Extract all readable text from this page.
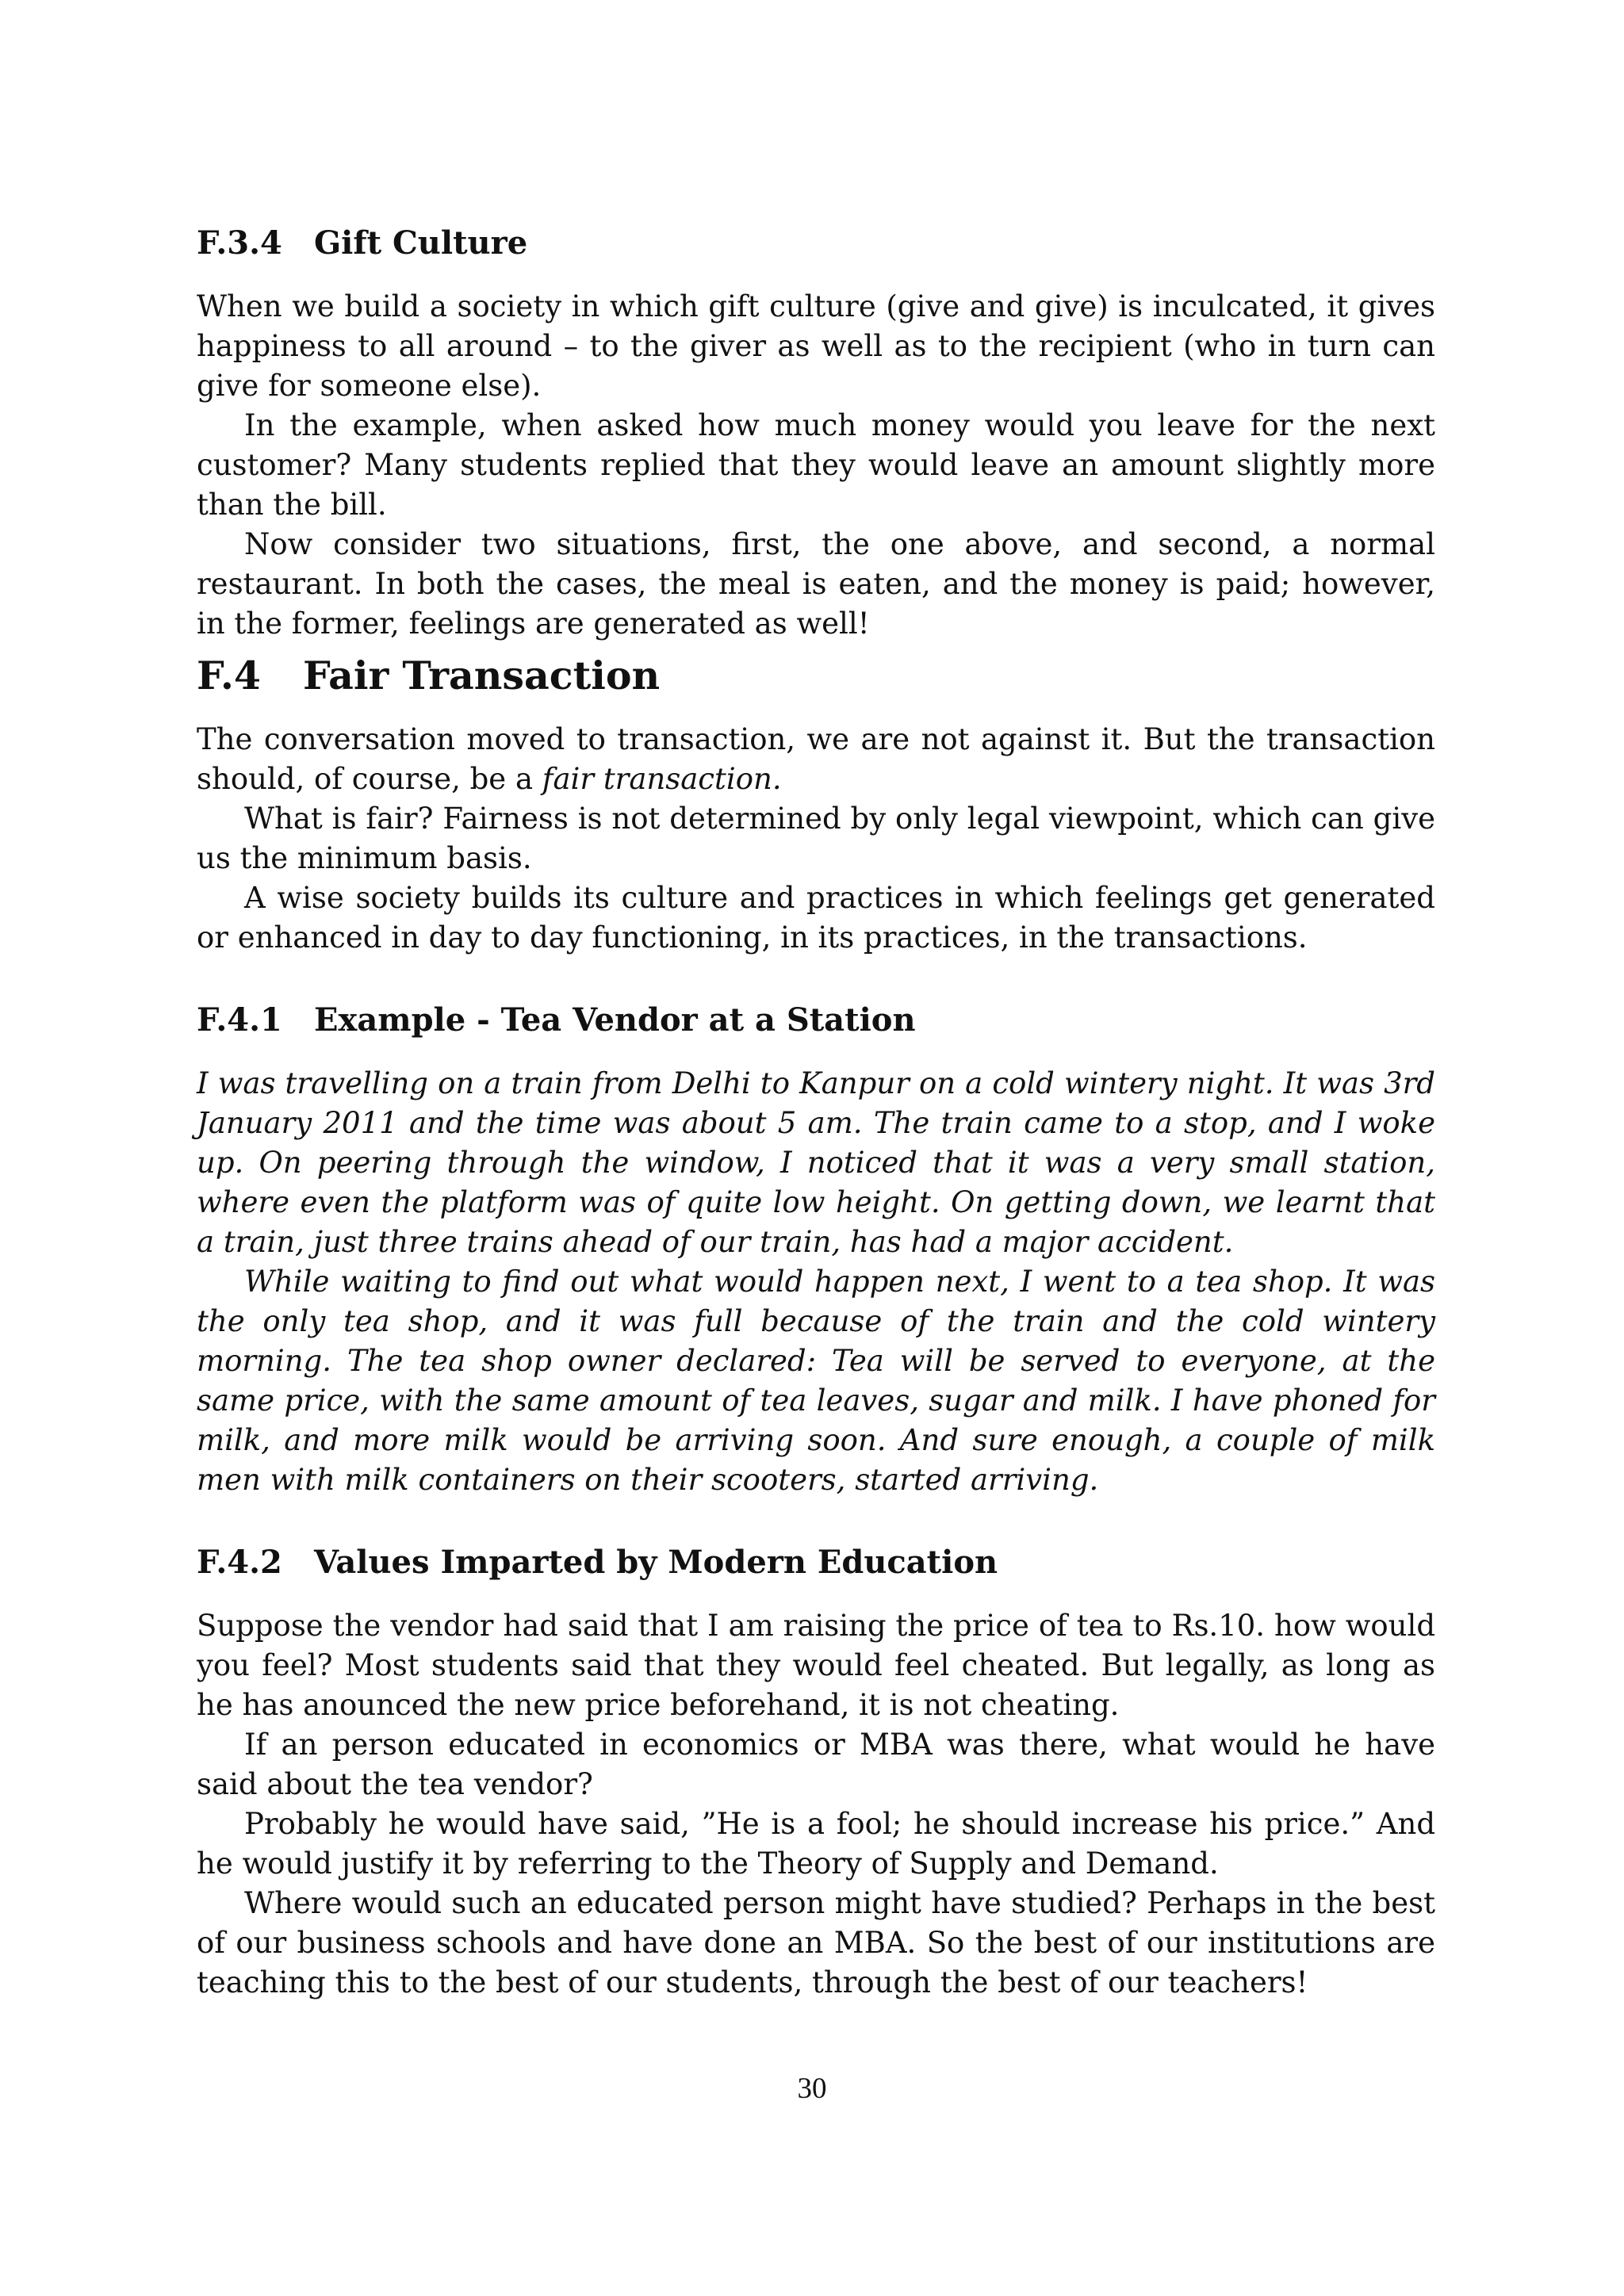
F.3.4 Gift Culture

When we build a society in which gift culture (give and give) is inculcated, it gives happiness to all around – to the giver as well as to the recipient (who in turn can give for someone else).

In the example, when asked how much money would you leave for the next customer? Many students replied that they would leave an amount slightly more than the bill.

Now consider two situations, first, the one above, and second, a normal restaurant. In both the cases, the meal is eaten, and the money is paid; however, in the former, feelings are generated as well!

F.4 Fair Transaction

The conversation moved to transaction, we are not against it. But the transaction should, of course, be a fair transaction.

What is fair? Fairness is not determined by only legal viewpoint, which can give us the minimum basis.

A wise society builds its culture and practices in which feelings get generated or enhanced in day to day functioning, in its practices, in the transactions.

F.4.1 Example - Tea Vendor at a Station

I was travelling on a train from Delhi to Kanpur on a cold wintery night. It was 3rd January 2011 and the time was about 5 am. The train came to a stop, and I woke up. On peering through the window, I noticed that it was a very small station, where even the platform was of quite low height. On getting down, we learnt that a train, just three trains ahead of our train, has had a major accident.

While waiting to find out what would happen next, I went to a tea shop. It was the only tea shop, and it was full because of the train and the cold wintery morning. The tea shop owner declared: Tea will be served to everyone, at the same price, with the same amount of tea leaves, sugar and milk. I have phoned for milk, and more milk would be arriving soon. And sure enough, a couple of milk men with milk containers on their scooters, started arriving.

F.4.2 Values Imparted by Modern Education

Suppose the vendor had said that I am raising the price of tea to Rs.10. how would you feel? Most students said that they would feel cheated. But legally, as long as he has anounced the new price beforehand, it is not cheating.

If an person educated in economics or MBA was there, what would he have said about the tea vendor?

Probably he would have said, ”He is a fool; he should increase his price.” And he would justify it by referring to the Theory of Supply and Demand.

Where would such an educated person might have studied? Perhaps in the best of our business schools and have done an MBA. So the best of our institutions are teaching this to the best of our students, through the best of our teachers!

30
